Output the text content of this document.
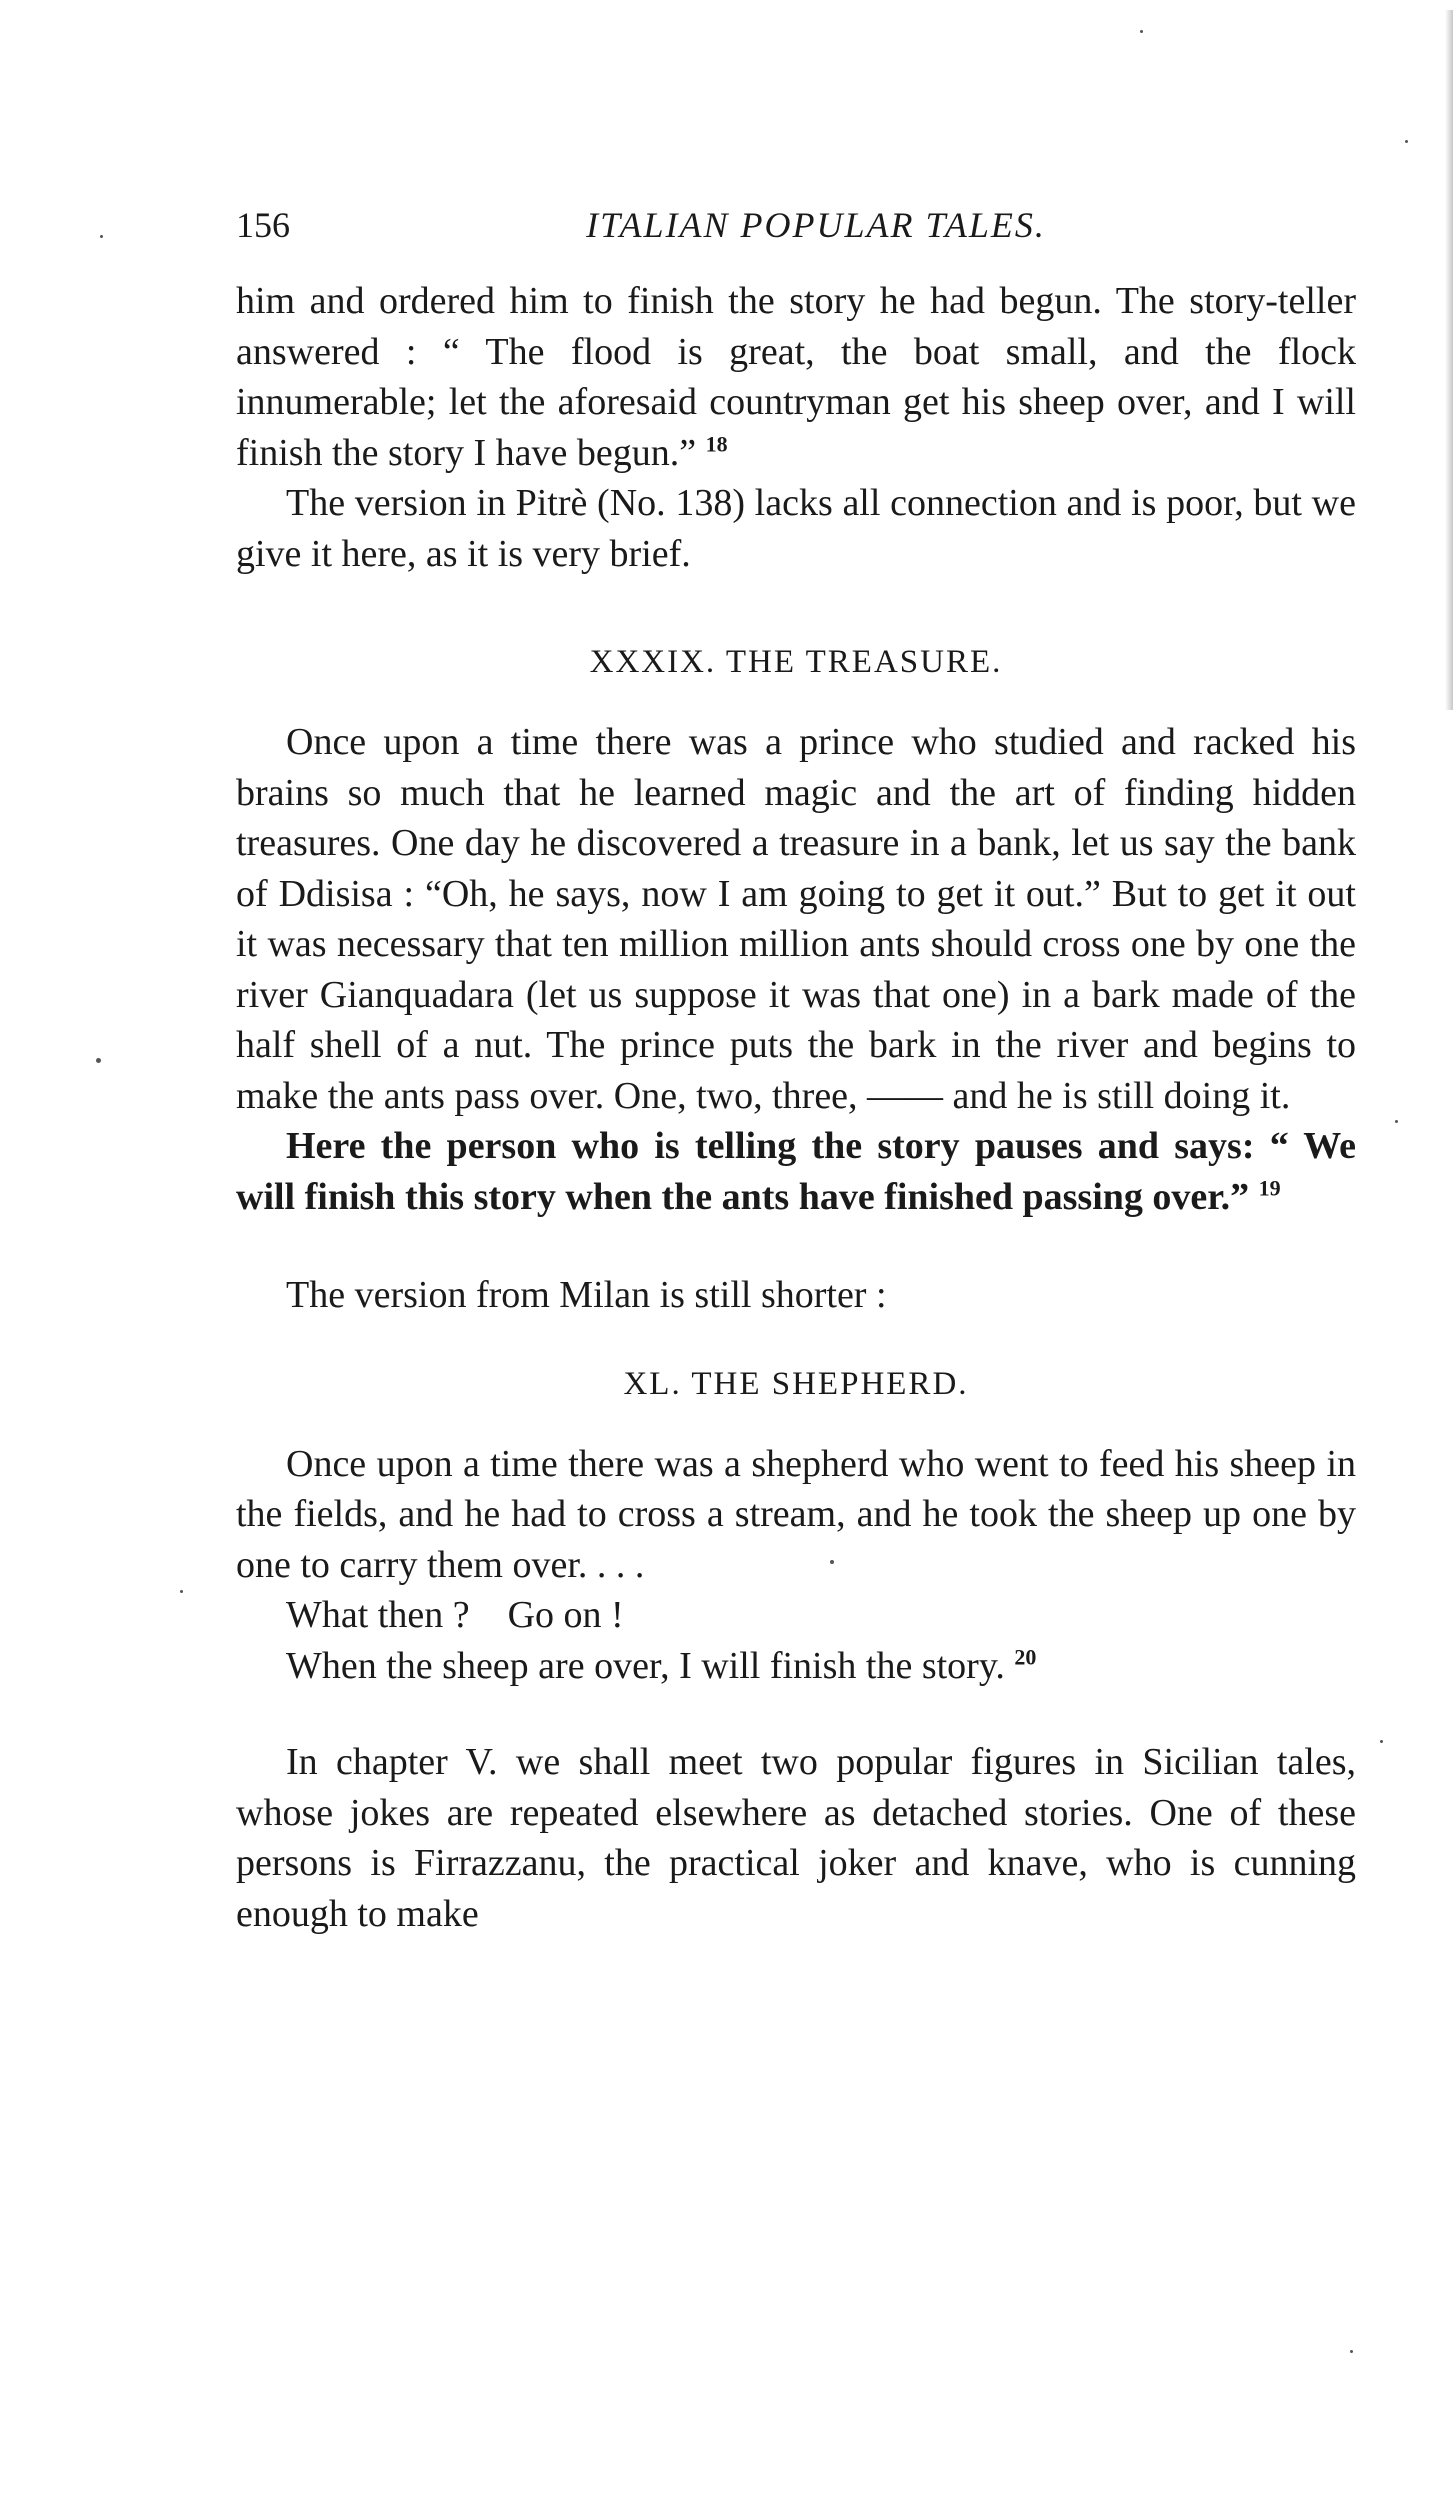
156	ITALIAN POPULAR TALES.

him and ordered him to finish the story he had begun. The story-teller answered : “ The flood is great, the boat small, and the flock innumerable; let the aforesaid countryman get his sheep over, and I will finish the story I have begun.” $^{18}$

The version in Pitrè (No. 138) lacks all connection and is poor, but we give it here, as it is very brief.

XXXIX. THE TREASURE.

Once upon a time there was a prince who studied and racked his brains so much that he learned magic and the art of finding hidden treasures. One day he discovered a treasure in a bank, let us say the bank of Ddisisa : “Oh, he says, now I am going to get it out.” But to get it out it was necessary that ten million million ants should cross one by one the river Gianquadara (let us suppose it was that one) in a bark made of the half shell of a nut. The prince puts the bark in the river and begins to make the ants pass over. One, two, three, —— and he is still doing it.

Here the person who is telling the story pauses and says: “ We will finish this story when the ants have finished passing over.” $^{19}$

The version from Milan is still shorter :

XL. THE SHEPHERD.

Once upon a time there was a shepherd who went to feed his sheep in the fields, and he had to cross a stream, and he took the sheep up one by one to carry them over. . . .

What then ? Go on !

When the sheep are over, I will finish the story. $^{20}$

In chapter V. we shall meet two popular figures in Sicilian tales, whose jokes are repeated elsewhere as detached stories. One of these persons is Firrazzanu, the practical joker and knave, who is cunning enough to make
